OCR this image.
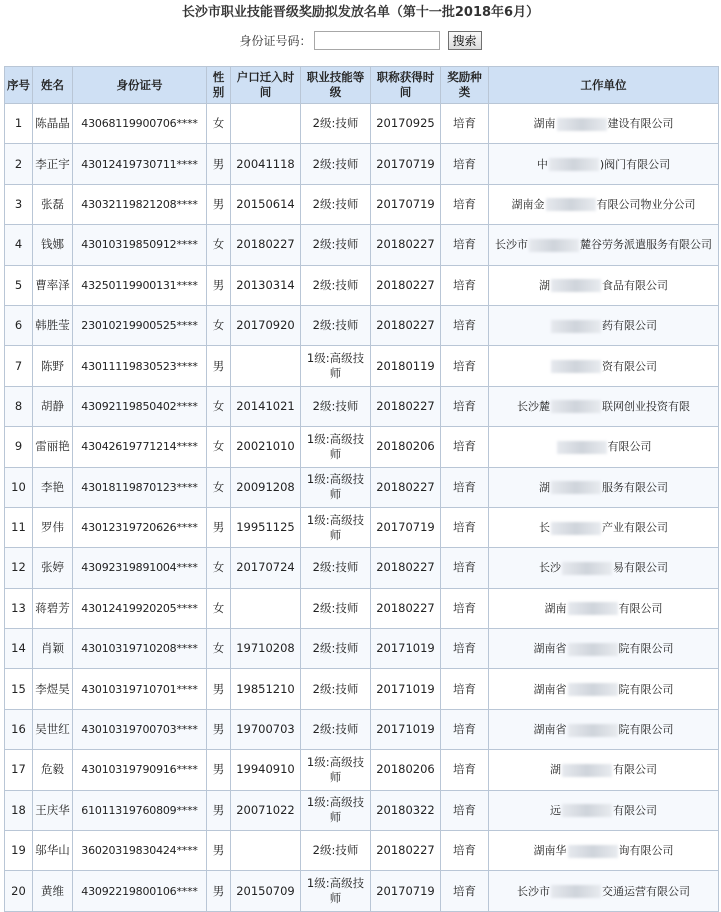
长沙市职业技能晋级奖励拟发放名单（第十一批2018年6月）
身份证号码：	搜索
序号	姓名	身份证号	性别	户口迁入时间	职业技能等级	职称获得时间	奖励种类	工作单位
1	陈晶晶	43068119900706****	女		2级:技师	20170925	培育	湖南 建设有限公司
2	李正宇	43012419730711****	男	20041118	2级:技师	20170719	培育	中 )阀门有限公司
3	张磊	43032119821208****	男	20150614	2级:技师	20170719	培育	湖南金 有限公司物业分公司
4	钱娜	43010319850912****	女	20180227	2级:技师	20180227	培育	长沙市 麓谷劳务派遣服务有限公司
5	曹率泽	43250119900131****	男	20130314	2级:技师	20180227	培育	湖 食品有限公司
6	韩胜莹	23010219900525****	女	20170920	2级:技师	20180227	培育	药有限公司
7	陈野	43011119830523****	男		1级:高级技师	20180119	培育	资有限公司
8	胡静	43092119850402****	女	20141021	2级:技师	20180227	培育	长沙麓 联网创业投资有限
9	雷丽艳	43042619771214****	女	20021010	1级:高级技师	20180206	培育	有限公司
10	李艳	43018119870123****	女	20091208	1级:高级技师	20180227	培育	湖 服务有限公司
11	罗伟	43012319720626****	男	19951125	1级:高级技师	20170719	培育	长 产业有限公司
12	张婷	43092319891004****	女	20170724	2级:技师	20180227	培育	长沙 易有限公司
13	蒋碧芳	43012419920205****	女		2级:技师	20180227	培育	湖南 有限公司
14	肖颖	43010319710208****	女	19710208	2级:技师	20171019	培育	湖南省 院有限公司
15	李煜昊	43010319710701****	男	19851210	2级:技师	20171019	培育	湖南省 院有限公司
16	吴世红	43010319700703****	男	19700703	2级:技师	20171019	培育	湖南省 院有限公司
17	危毅	43010319790916****	男	19940910	1级:高级技师	20180206	培育	湖 有限公司
18	王庆华	61011319760809****	男	20071022	1级:高级技师	20180322	培育	远 有限公司
19	邬华山	36020319830424****	男		2级:技师	20180227	培育	湖南华 询有限公司
20	黄维	43092219800106****	男	20150709	1级:高级技师	20170719	培育	长沙市 交通运营有限公司
